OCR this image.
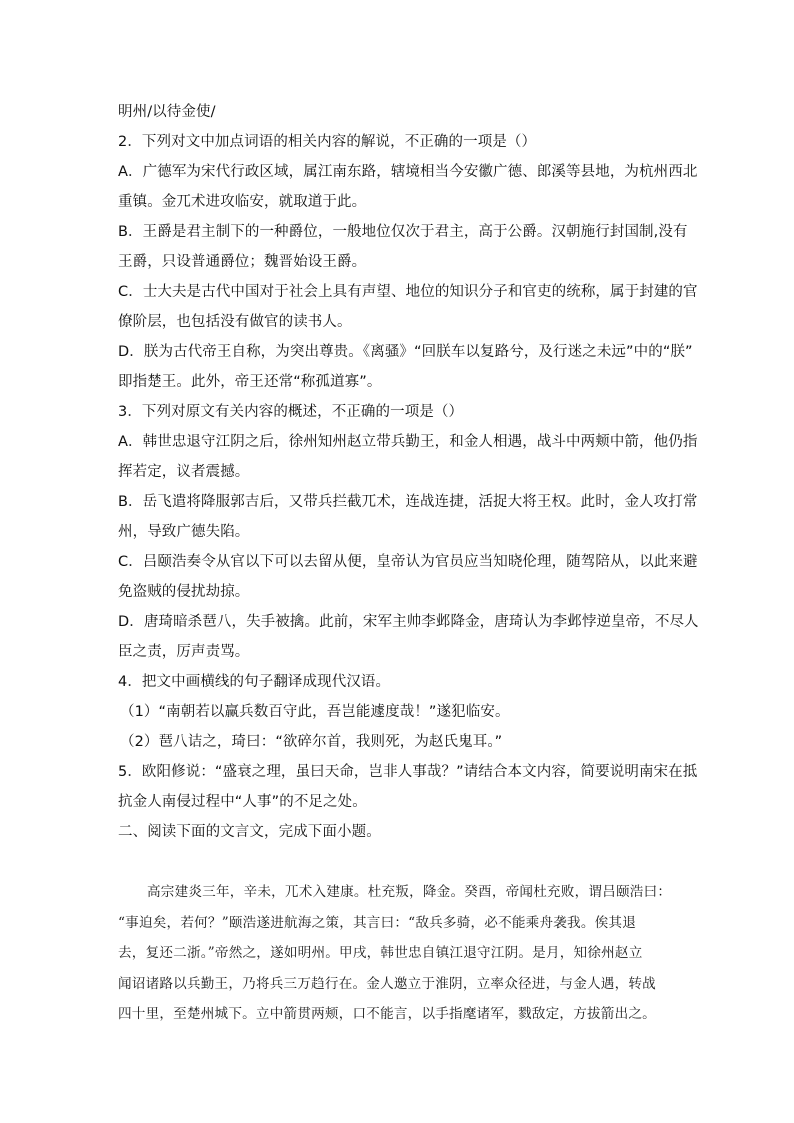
明州/以待金使/
2．下列对文中加点词语的相关内容的解说，不正确的一项是（）
A．广德军为宋代行政区域，属江南东路，辖境相当今安徽广德、郎溪等县地，为杭州西北
重镇。金兀术进攻临安，就取道于此。
B．王爵是君主制下的一种爵位，一般地位仅次于君主，高于公爵。汉朝施行封国制,没有
王爵，只设普通爵位；魏晋始设王爵。
C．士大夫是古代中国对于社会上具有声望、地位的知识分子和官吏的统称，属于封建的官
僚阶层，也包括没有做官的读书人。
D．朕为古代帝王自称，为突出尊贵。《离骚》“回朕车以复路兮，及行迷之未远”中的“朕”
即指楚王。此外，帝王还常“称孤道寡”。
3．下列对原文有关内容的概述，不正确的一项是（）
A．韩世忠退守江阴之后，徐州知州赵立带兵勤王，和金人相遇，战斗中两颊中箭，他仍指
挥若定，议者震撼。
B．岳飞遣将降服郭吉后，又带兵拦截兀术，连战连捷，活捉大将王权。此时，金人攻打常
州，导致广德失陷。
C．吕颐浩奏令从官以下可以去留从便，皇帝认为官员应当知晓伦理，随驾陪从，以此来避
免盗贼的侵扰劫掠。
D．唐琦暗杀琶八，失手被擒。此前，宋军主帅李邺降金，唐琦认为李邺悖逆皇帝，不尽人
臣之责，厉声责骂。
4．把文中画横线的句子翻译成现代汉语。
（1）“南朝若以赢兵数百守此，吾岂能遽度哉！”遂犯临安。
（2）琶八诘之，琦曰：“欲碎尔首，我则死，为赵氏鬼耳。”
5．欧阳修说：“盛衰之理，虽曰天命，岂非人事哉？”请结合本文内容，简要说明南宋在抵
抗金人南侵过程中“人事”的不足之处。
二、阅读下面的文言文，完成下面小题。
高宗建炎三年，辛未，兀术入建康。杜充叛，降金。癸酉，帝闻杜充败，谓吕颐浩曰：
“事迫矣，若何？”颐浩遂进航海之策，其言曰：“敌兵多骑，必不能乘舟袭我。俟其退
去，复还二浙。”帝然之，遂如明州。甲戌，韩世忠自镇江退守江阴。是月，知徐州赵立
闻诏诸路以兵勤王，乃将兵三万趋行在。金人邀立于淮阴，立率众径进，与金人遇，转战
四十里，至楚州城下。立中箭贯两颊，口不能言，以手指麾诸军，戮敌定，方拔箭出之。
